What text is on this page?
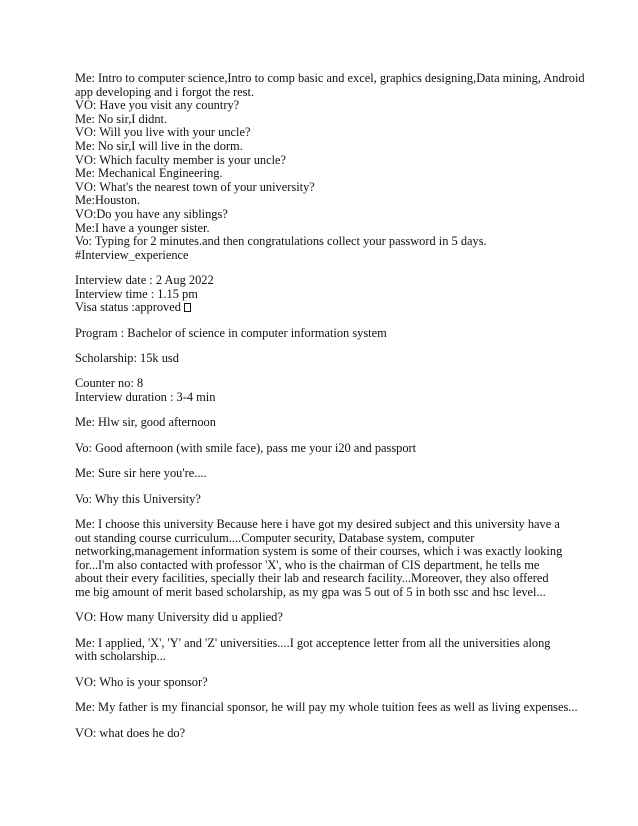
Me: Intro to computer science,Intro to comp basic and excel, graphics designing,Data mining, Android
app developing and i forgot the rest.
VO: Have you visit any country?
Me: No sir,I didnt.
VO: Will you live with your uncle?
Me: No sir,I will live in the dorm.
VO: Which faculty member is your uncle?
Me: Mechanical Engineering.
VO: What's the nearest town of your university?
Me:Houston.
VO:Do you have any siblings?
Me:I have a younger sister.
Vo: Typing for 2 minutes.and then congratulations collect your password in 5 days.
#Interview_experience
Interview date : 2 Aug 2022
Interview time : 1.15 pm
Visa status :approved
Program : Bachelor of science in computer information system
Scholarship: 15k usd
Counter no: 8
Interview duration : 3-4 min
Me: Hlw sir, good afternoon
Vo: Good afternoon (with smile face), pass me your i20 and passport
Me: Sure sir here you're....
Vo: Why this University?
Me: I choose this university Because here i have got my desired subject and this university have a out standing course curriculum....Computer security, Database system, computer networking,management information system is some of their courses, which i was exactly looking for...I'm also contacted with professor 'X', who is the chairman of CIS department, he tells me about their every facilities, specially their lab and research facility...Moreover, they also offered me big amount of merit based scholarship, as my gpa was 5 out of 5 in both ssc and hsc level...
VO: How many University did u applied?
Me: I applied, 'X', 'Y' and 'Z' universities....I got acceptence letter from all the universities along with scholarship...
VO: Who is your sponsor?
Me: My father is my financial sponsor, he will pay my whole tuition fees as well as living expenses...
VO: what does he do?
